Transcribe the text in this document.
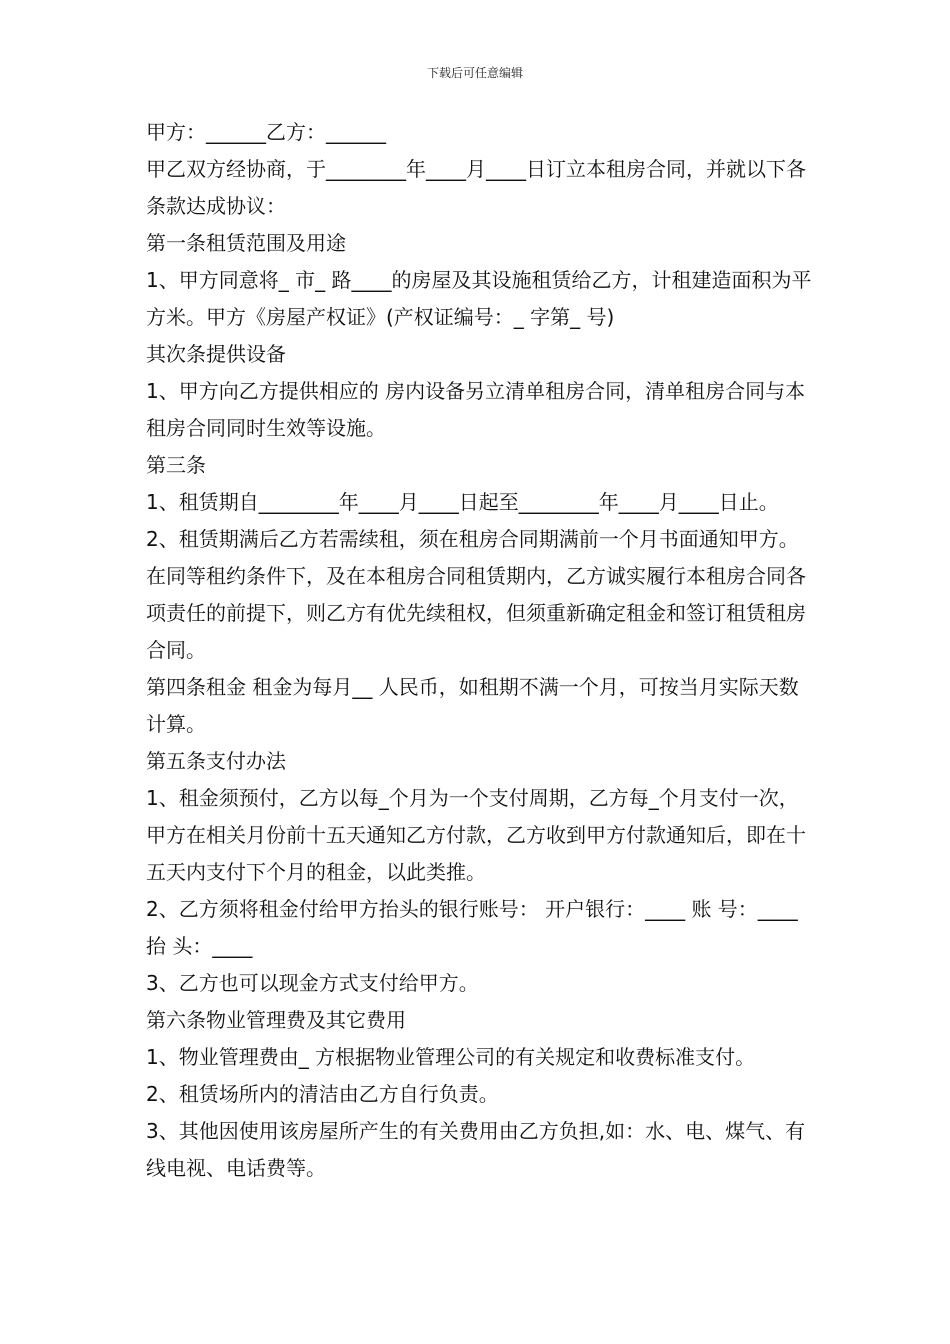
下载后可任意编辑

甲方：______乙方：______

甲乙双方经协商，于________年____月____日订立本租房合同，并就以下各条款达成协议：

第一条租赁范围及用途

1、甲方同意将_ 市_ 路____的房屋及其设施租赁给乙方，计租建造面积为平方米。甲方《房屋产权证》(产权证编号：_ 字第_ 号)

其次条提供设备

1、甲方向乙方提供相应的 房内设备另立清单租房合同，清单租房合同与本租房合同同时生效等设施。

第三条

1、租赁期自________年____月____日起至________年____月____日止。

2、租赁期满后乙方若需续租，须在租房合同期满前一个月书面通知甲方。在同等租约条件下，及在本租房合同租赁期内，乙方诚实履行本租房合同各项责任的前提下，则乙方有优先续租权，但须重新确定租金和签订租赁租房合同。

第四条租金 租金为每月__ 人民币，如租期不满一个月，可按当月实际天数计算。

第五条支付办法

1、租金须预付，乙方以每_个月为一个支付周期，乙方每_个月支付一次，甲方在相关月份前十五天通知乙方付款，乙方收到甲方付款通知后，即在十五天内支付下个月的租金，以此类推。

2、乙方须将租金付给甲方抬头的银行账号： 开户银行：____ 账 号：____ 抬 头：____

3、乙方也可以现金方式支付给甲方。

第六条物业管理费及其它费用

1、物业管理费由_ 方根据物业管理公司的有关规定和收费标准支付。

2、租赁场所内的清洁由乙方自行负责。

3、其他因使用该房屋所产生的有关费用由乙方负担,如：水、电、煤气、有线电视、电话费等。
